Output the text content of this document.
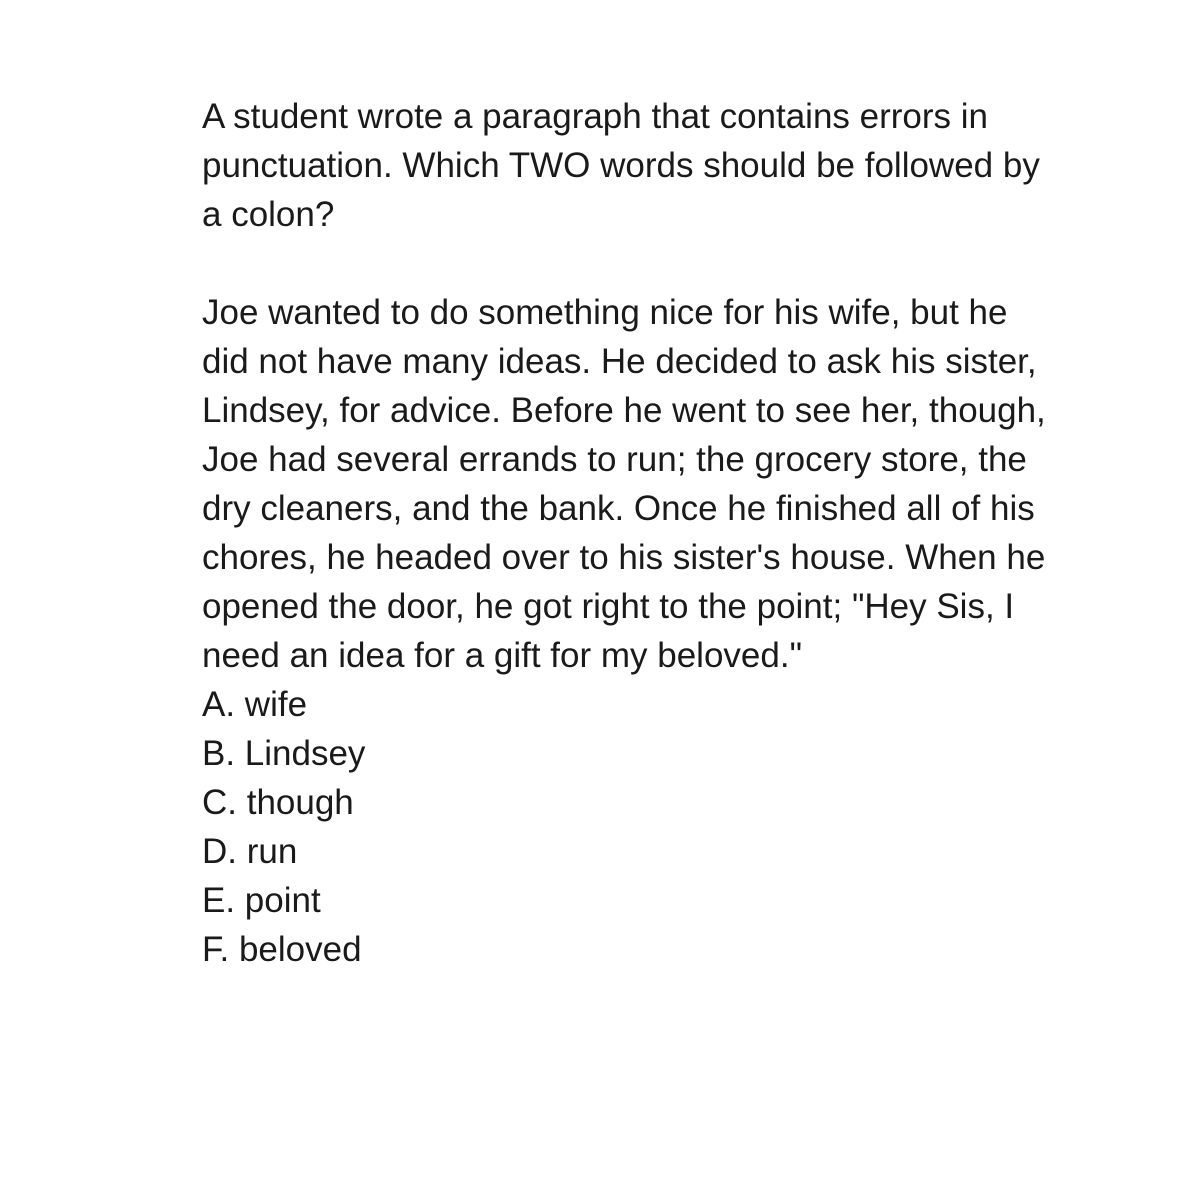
A student wrote a paragraph that contains errors in
punctuation. Which TWO words should be followed by
a colon?

Joe wanted to do something nice for his wife, but he
did not have many ideas. He decided to ask his sister,
Lindsey, for advice. Before he went to see her, though,
Joe had several errands to run; the grocery store, the
dry cleaners, and the bank. Once he finished all of his
chores, he headed over to his sister's house. When he
opened the door, he got right to the point; "Hey Sis, I
need an idea for a gift for my beloved."

A. wife
B. Lindsey
C. though
D. run
E. point
F. beloved
